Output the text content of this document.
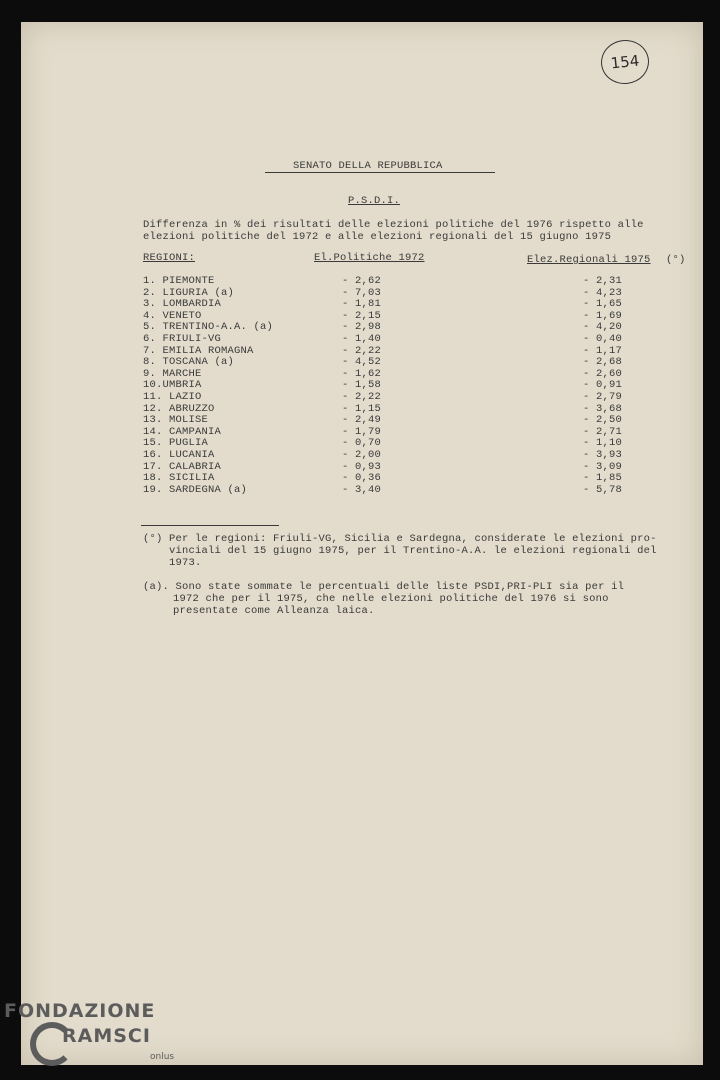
154
SENATO DELLA REPUBBLICA
P.S.D.I.
Differenza in % dei risultati delle elezioni politiche del 1976 rispetto alle
elezioni politiche del 1972 e alle elezioni regionali del 15 giugno 1975
REGIONI:	El.Politiche 1972	Elez.Regionali 1975 (°)
1. PIEMONTE	- 2,62	- 2,31
2. LIGURIA (a)	- 7,03	- 4,23
3. LOMBARDIA	- 1,81	- 1,65
4. VENETO	- 2,15	- 1,69
5. TRENTINO-A.A. (a)	- 2,98	- 4,20
6. FRIULI-VG	- 1,40	- 0,40
7. EMILIA ROMAGNA	- 2,22	- 1,17
8. TOSCANA (a)	- 4,52	- 2,68
9. MARCHE	- 1,62	- 2,60
10.UMBRIA	- 1,58	- 0,91
11. LAZIO	- 2,22	- 2,79
12. ABRUZZO	- 1,15	- 3,68
13. MOLISE	- 2,49	- 2,50
14. CAMPANIA	- 1,79	- 2,71
15. PUGLIA	- 0,70	- 1,10
16. LUCANIA	- 2,00	- 3,93
17. CALABRIA	- 0,93	- 3,09
18. SICILIA	- 0,36	- 1,85
19. SARDEGNA (a)	- 3,40	- 5,78
(°) Per le regioni: Friuli-VG, Sicilia e Sardegna, considerate le elezioni pro-
vinciali del 15 giugno 1975, per il Trentino-A.A. le elezioni regionali del
1973.
(a). Sono state sommate le percentuali delle liste PSDI,PRI-PLI sia per il
1972 che per il 1975, che nelle elezioni politiche del 1976 si sono
presentate come Alleanza laica.
FONDAZIONE
RAMSCI
onlus
